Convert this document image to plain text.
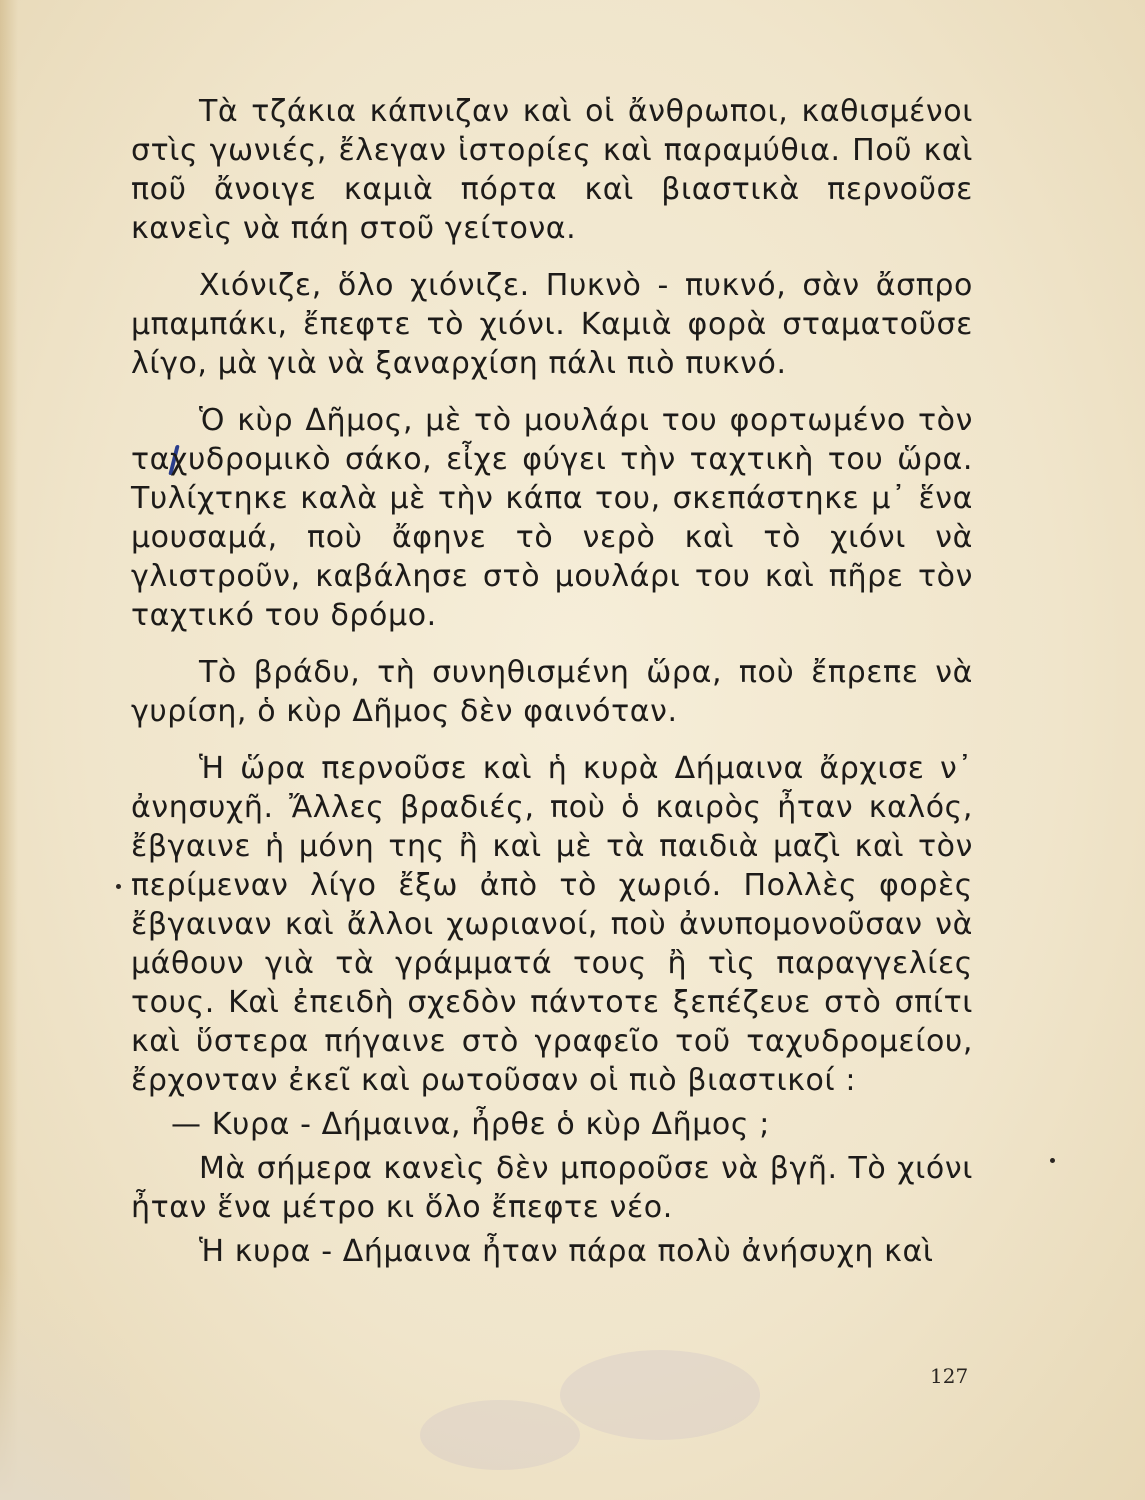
Τὰ τζάκια κάπνιζαν καὶ οἱ ἄνθρωποι, καθισμένοι στὶς γωνιές, ἔλεγαν ἱστορίες καὶ παραμύθια. Ποῦ καὶ ποῦ ἄνοιγε καμιὰ πόρτα καὶ βιαστικὰ περνοῦσε κανεὶς νὰ πάη στοῦ γείτονα.

Χιόνιζε, ὅλο χιόνιζε. Πυκνὸ - πυκνό, σὰν ἄσπρο μπαμπάκι, ἔπεφτε τὸ χιόνι. Καμιὰ φορὰ σταματοῦσε λίγο, μὰ γιὰ νὰ ξαναρχίση πάλι πιὸ πυκνό.

Ὁ κὺρ Δῆμος, μὲ τὸ μουλάρι του φορτωμένο τὸν ταχυδρομικὸ σάκο, εἶχε φύγει τὴν ταχτικὴ του ὥρα. Τυλίχτηκε καλὰ μὲ τὴν κάπα του, σκεπάστηκε μ᾿ ἕνα μουσαμά, ποὺ ἄφηνε τὸ νερὸ καὶ τὸ χιόνι νὰ γλιστροῦν, καβάλησε στὸ μουλάρι του καὶ πῆρε τὸν ταχτικό του δρόμο.

Τὸ βράδυ, τὴ συνηθισμένη ὥρα, ποὺ ἔπρεπε νὰ γυρίση, ὁ κὺρ Δῆμος δὲν φαινόταν.

Ἡ ὥρα περνοῦσε καὶ ἡ κυρὰ Δήμαινα ἄρχισε ν᾿ ἀνησυχῆ. Ἄλλες βραδιές, ποὺ ὁ καιρὸς ἦταν καλός, ἔβγαινε ἡ μόνη της ἢ καὶ μὲ τὰ παιδιὰ μαζὶ καὶ τὸν περίμεναν λίγο ἔξω ἀπὸ τὸ χωριό. Πολλὲς φορὲς ἔβγαιναν καὶ ἄλλοι χωριανοί, ποὺ ἀνυπομονοῦσαν νὰ μάθουν γιὰ τὰ γράμματά τους ἢ τὶς παραγγελίες τους. Καὶ ἐπειδὴ σχεδὸν πάντοτε ξεπέζευε στὸ σπίτι καὶ ὕστερα πήγαινε στὸ γραφεῖο τοῦ ταχυδρομείου, ἔρχονταν ἐκεῖ καὶ ρωτοῦσαν οἱ πιὸ βιαστικοί :

— Κυρα - Δήμαινα, ἦρθε ὁ κὺρ Δῆμος ;

Μὰ σήμερα κανεὶς δὲν μποροῦσε νὰ βγῆ. Τὸ χιόνι ἦταν ἕνα μέτρο κι ὅλο ἔπεφτε νέο.

Ἡ κυρα - Δήμαινα ἦταν πάρα πολὺ ἀνήσυχη καὶ

127
